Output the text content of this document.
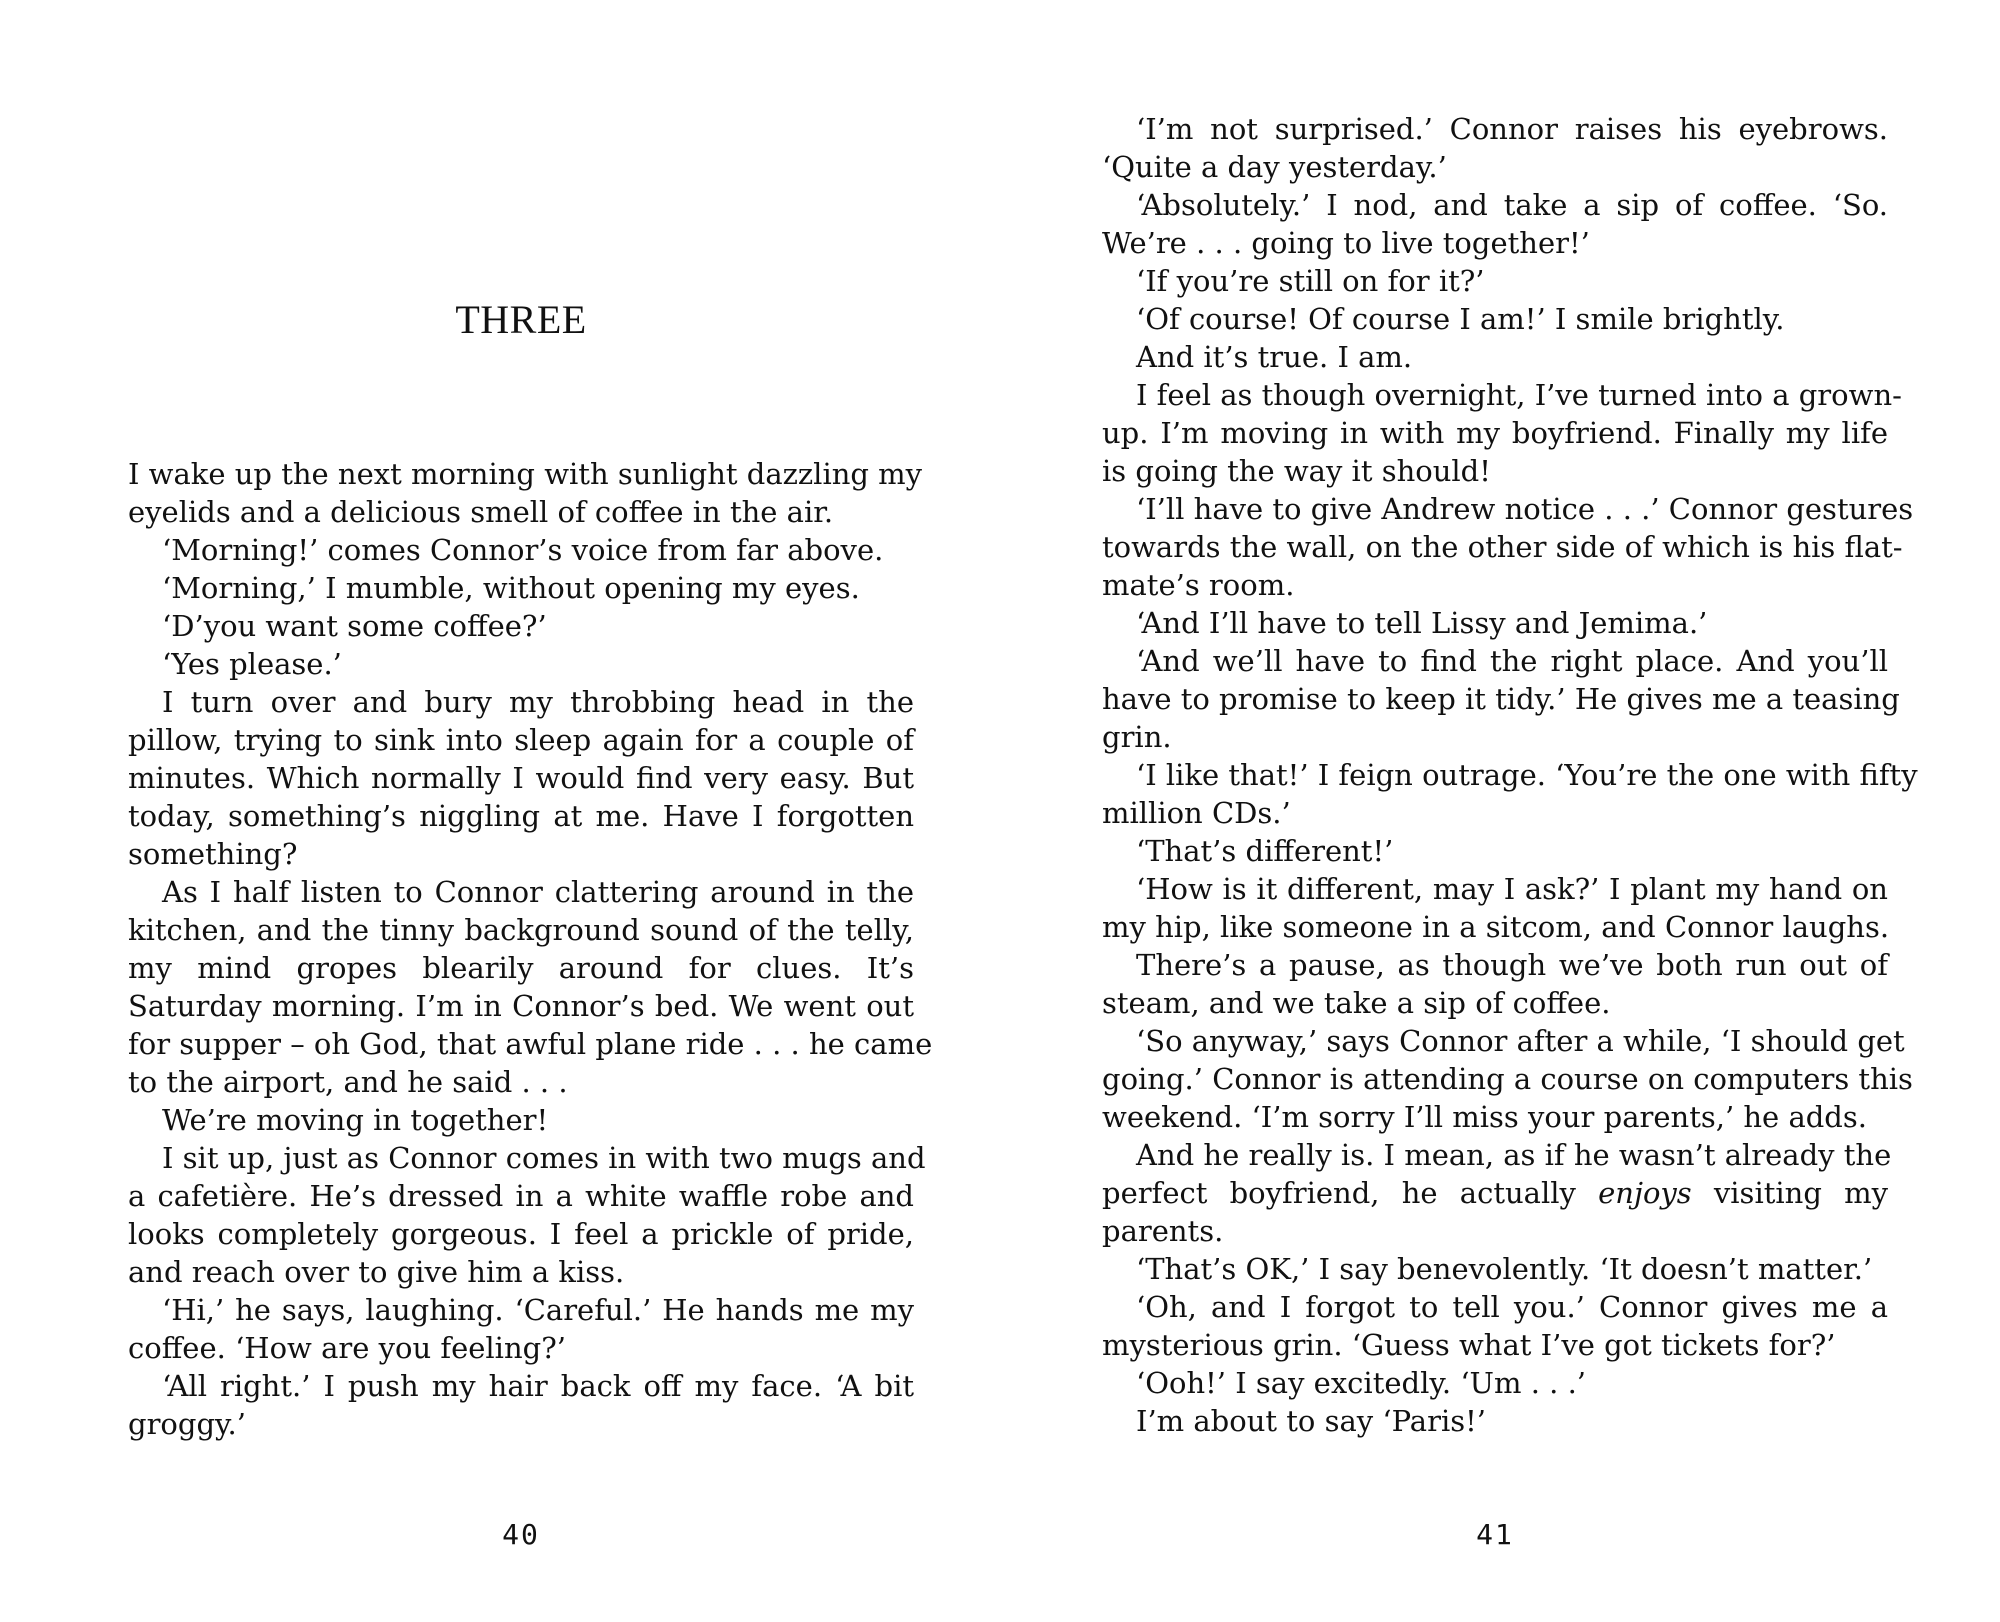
THREE
I wake up the next morning with sunlight dazzling my
eyelids and a delicious smell of coffee in the air.
‘Morning!’ comes Connor’s voice from far above.
‘Morning,’ I mumble, without opening my eyes.
‘D’you want some coffee?’
‘Yes please.’
I turn over and bury my throbbing head in the
pillow, trying to sink into sleep again for a couple of
minutes. Which normally I would find very easy. But
today, something’s niggling at me. Have I forgotten
something?
As I half listen to Connor clattering around in the
kitchen, and the tinny background sound of the telly,
my mind gropes blearily around for clues. It’s
Saturday morning. I’m in Connor’s bed. We went out
for supper – oh God, that awful plane ride . . . he came
to the airport, and he said . . .
We’re moving in together!
I sit up, just as Connor comes in with two mugs and
a cafetière. He’s dressed in a white waffle robe and
looks completely gorgeous. I feel a prickle of pride,
and reach over to give him a kiss.
‘Hi,’ he says, laughing. ‘Careful.’ He hands me my
coffee. ‘How are you feeling?’
‘All right.’ I push my hair back off my face. ‘A bit
groggy.’
40
‘I’m not surprised.’ Connor raises his eyebrows.
‘Quite a day yesterday.’
‘Absolutely.’ I nod, and take a sip of coffee. ‘So.
We’re . . . going to live together!’
‘If you’re still on for it?’
‘Of course! Of course I am!’ I smile brightly.
And it’s true. I am.
I feel as though overnight, I’ve turned into a grown-
up. I’m moving in with my boyfriend. Finally my life
is going the way it should!
‘I’ll have to give Andrew notice . . .’ Connor gestures
towards the wall, on the other side of which is his flat-
mate’s room.
‘And I’ll have to tell Lissy and Jemima.’
‘And we’ll have to find the right place. And you’ll
have to promise to keep it tidy.’ He gives me a teasing
grin.
‘I like that!’ I feign outrage. ‘You’re the one with fifty
million CDs.’
‘That’s different!’
‘How is it different, may I ask?’ I plant my hand on
my hip, like someone in a sitcom, and Connor laughs.
There’s a pause, as though we’ve both run out of
steam, and we take a sip of coffee.
‘So anyway,’ says Connor after a while, ‘I should get
going.’ Connor is attending a course on computers this
weekend. ‘I’m sorry I’ll miss your parents,’ he adds.
And he really is. I mean, as if he wasn’t already the
perfect boyfriend, he actually enjoys visiting my
parents.
‘That’s OK,’ I say benevolently. ‘It doesn’t matter.’
‘Oh, and I forgot to tell you.’ Connor gives me a
mysterious grin. ‘Guess what I’ve got tickets for?’
‘Ooh!’ I say excitedly. ‘Um . . .’
I’m about to say ‘Paris!’
41
